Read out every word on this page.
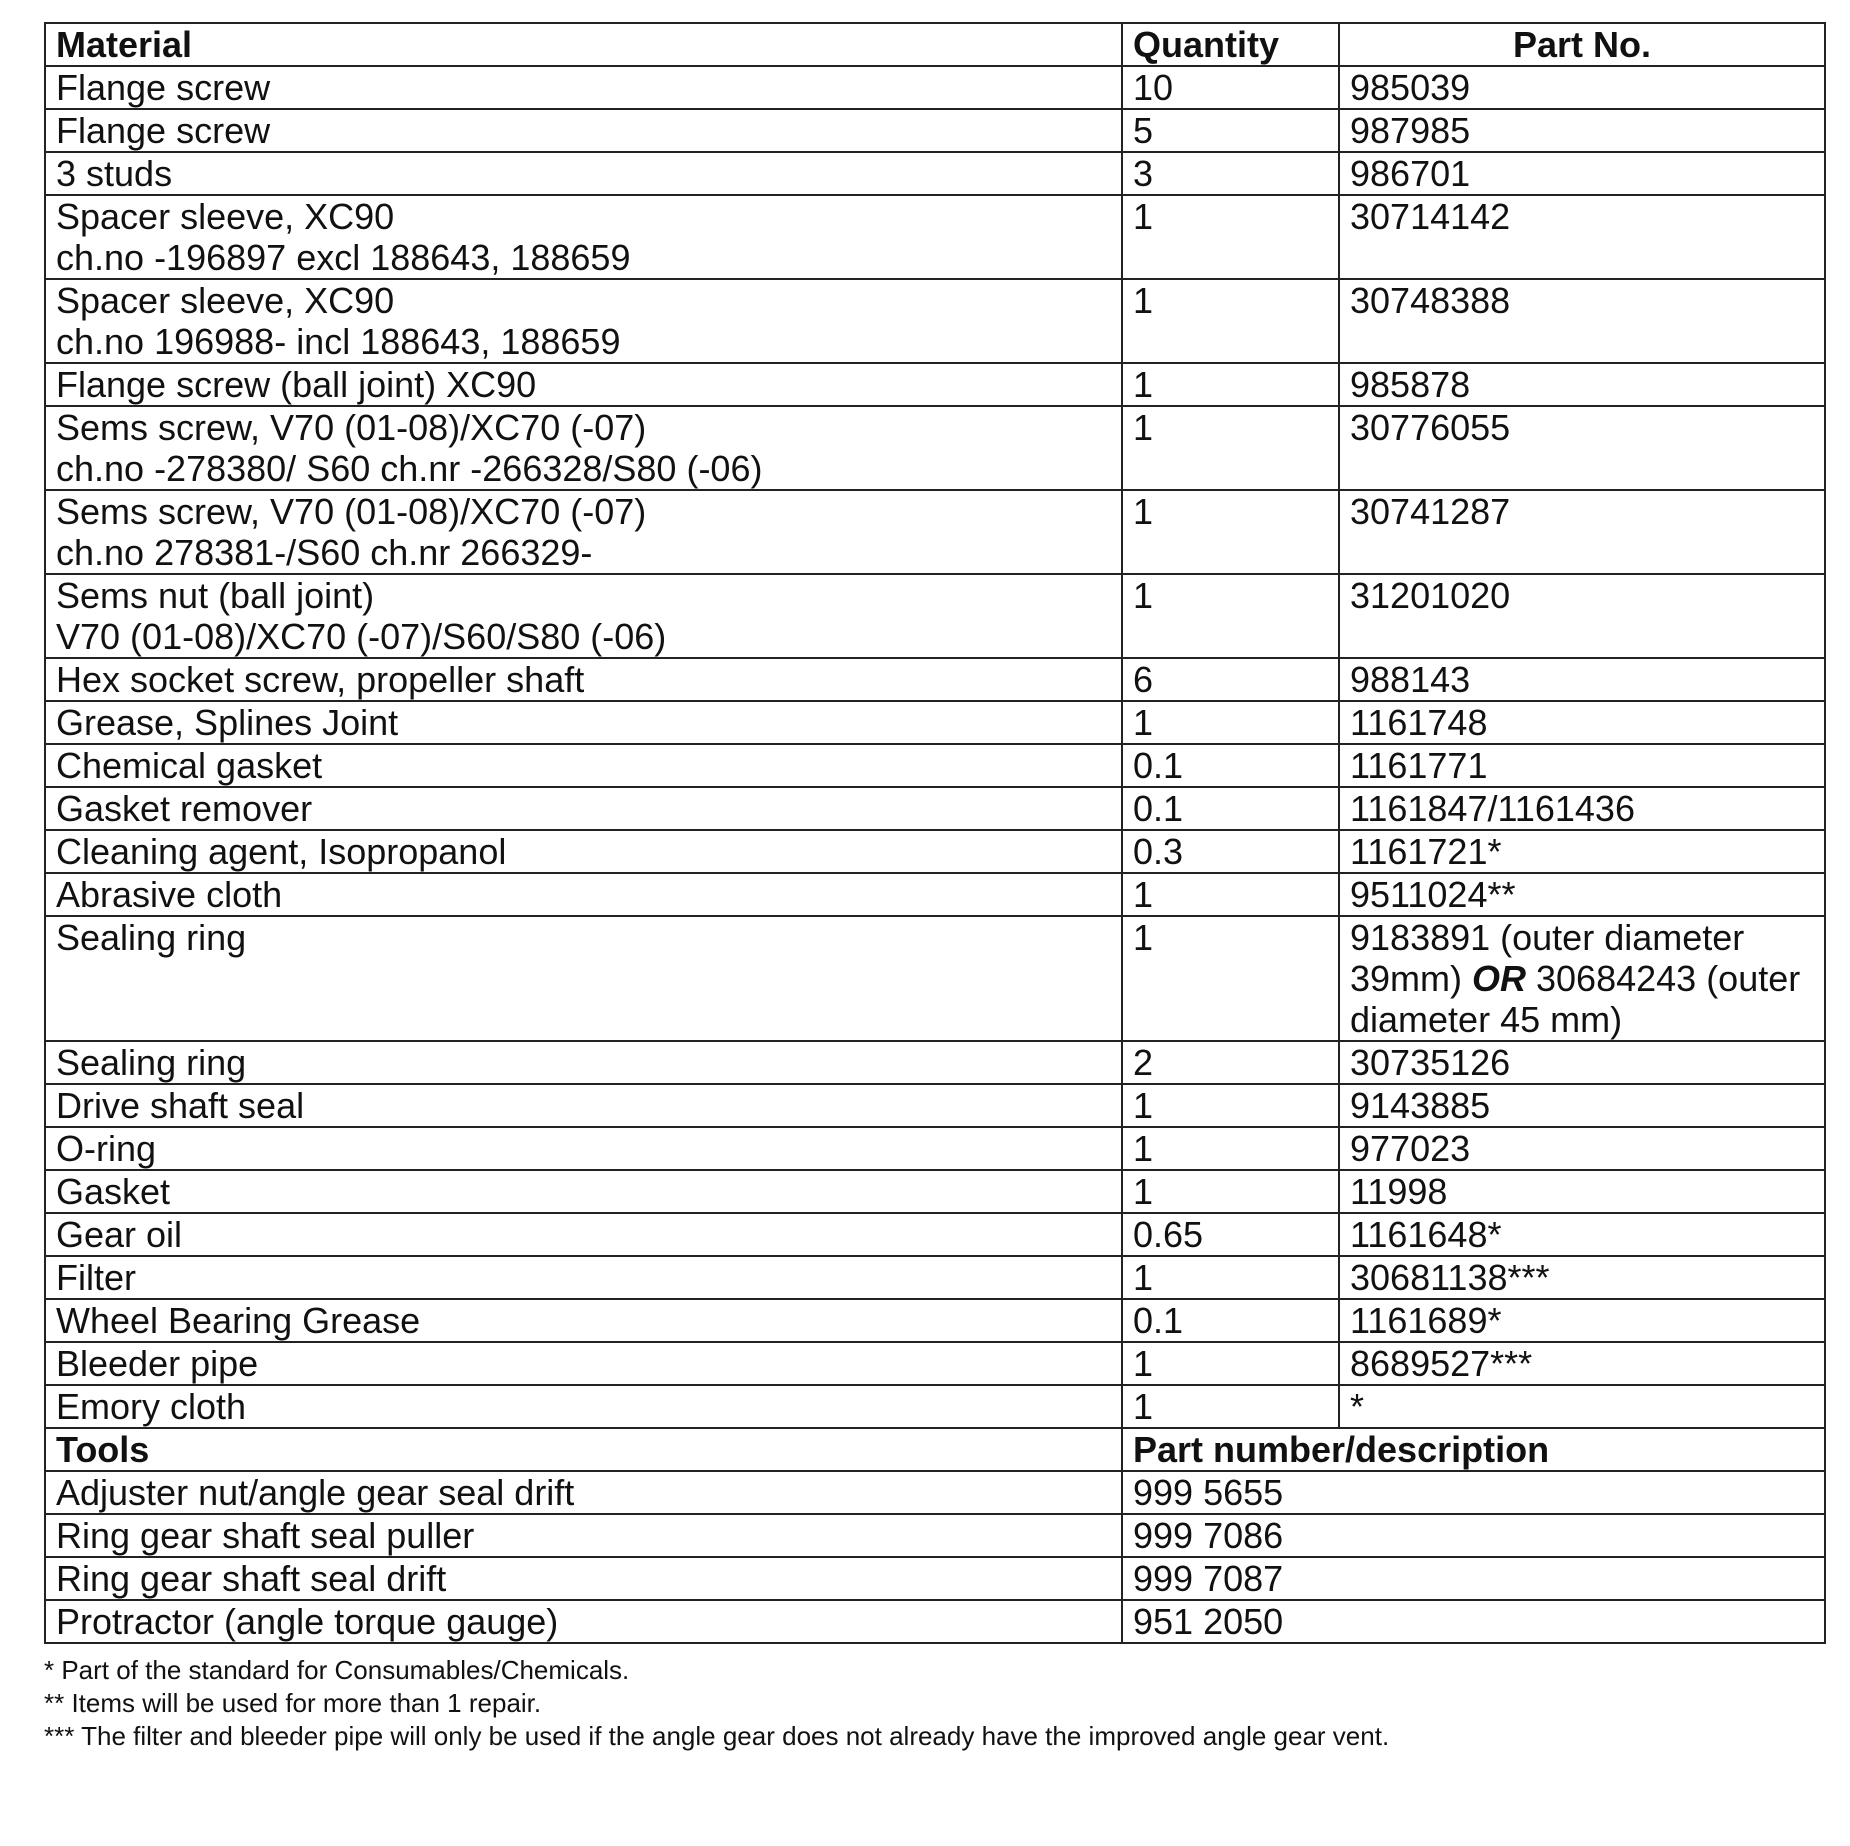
Material	Quantity	Part No.

Flange screw	10	985039

Flange screw	5	987985

3 studs	3	986701

Spacer sleeve, XC90
ch.no -196897 excl 188643, 188659	1	30714142

Spacer sleeve, XC90
ch.no 196988- incl 188643, 188659	1	30748388

Flange screw (ball joint) XC90	1	985878

Sems screw, V70 (01-08)/XC70 (-07)
ch.no -278380/ S60 ch.nr -266328/S80 (-06)	1	30776055

Sems screw, V70 (01-08)/XC70 (-07)
ch.no 278381-/S60 ch.nr 266329-	1	30741287

Sems nut (ball joint)
V70 (01-08)/XC70 (-07)/S60/S80 (-06)	1	31201020

Hex socket screw, propeller shaft	6	988143

Grease, Splines Joint	1	1161748

Chemical gasket	0.1	1161771

Gasket remover	0.1	1161847/1161436

Cleaning agent, Isopropanol	0.3	1161721*

Abrasive cloth	1	9511024**

Sealing ring	1	9183891 (outer diameter 39mm) OR 30684243 (outer diameter 45 mm)

Sealing ring	2	30735126

Drive shaft seal	1	9143885

O-ring	1	977023

Gasket	1	11998

Gear oil	0.65	1161648*

Filter	1	30681138***

Wheel Bearing Grease	0.1	1161689*

Bleeder pipe	1	8689527***

Emory cloth	1	*
Tools	Part number/description	
Adjuster nut/angle gear seal drift	999 5655	
Ring gear shaft seal puller	999 7086	
Ring gear shaft seal drift	999 7087	
Protractor (angle torque gauge)	951 2050	
* Part of the standard for Consumables/Chemicals.
** Items will be used for more than 1 repair.
*** The filter and bleeder pipe will only be used if the angle gear does not already have the improved angle gear vent.
